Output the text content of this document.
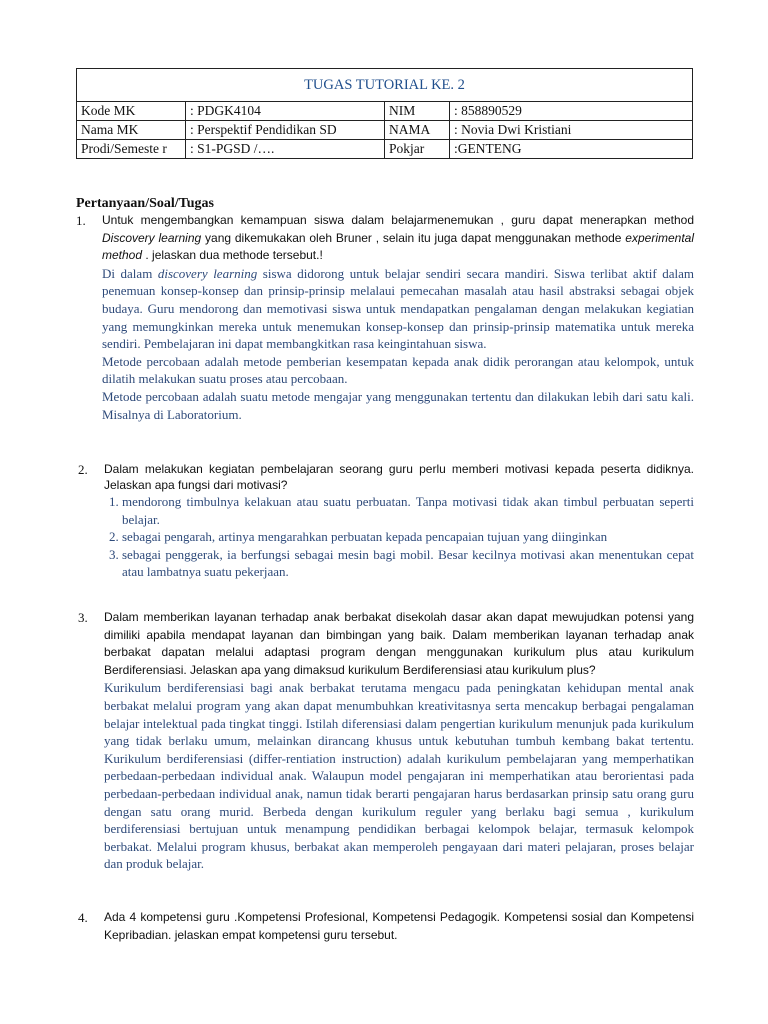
TUGAS TUTORIAL KE. 2			
Kode MK	: PDGK4104	NIM	: 858890529
Nama MK	: Perspektif Pendidikan SD	NAMA	: Novia Dwi Kristiani
Prodi/Semeste r	: S1-PGSD /….	Pokjar	:GENTENG
Pertanyaan/Soal/Tugas
1. Untuk mengembangkan kemampuan siswa dalam belajarmenemukan , guru dapat menerapkan method Discovery learning yang dikemukakan oleh Bruner , selain itu juga dapat menggunakan methode experimental method . jelaskan dua methode tersebut.!
Di dalam discovery learning siswa didorong untuk belajar sendiri secara mandiri. Siswa terlibat aktif dalam penemuan konsep-konsep dan prinsip-prinsip melalaui pemecahan masalah atau hasil abstraksi sebagai objek budaya. Guru mendorong dan memotivasi siswa untuk mendapatkan pengalaman dengan melakukan kegiatian yang memungkinkan mereka untuk menemukan konsep-konsep dan prinsip-prinsip matematika untuk mereka sendiri. Pembelajaran ini dapat membangkitkan rasa keingintahuan siswa.
Metode percobaan adalah metode pemberian kesempatan kepada anak didik perorangan atau kelompok, untuk dilatih melakukan suatu proses atau percobaan.
Metode percobaan adalah suatu metode mengajar yang menggunakan tertentu dan dilakukan lebih dari satu kali. Misalnya di Laboratorium.
2. Dalam melakukan kegiatan pembelajaran seorang guru perlu memberi motivasi kepada peserta didiknya. Jelaskan apa fungsi dari motivasi?
1. mendorong timbulnya kelakuan atau suatu perbuatan. Tanpa motivasi tidak akan timbul perbuatan seperti belajar.
2. sebagai pengarah, artinya mengarahkan perbuatan kepada pencapaian tujuan yang diinginkan
3. sebagai penggerak, ia berfungsi sebagai mesin bagi mobil. Besar kecilnya motivasi akan menentukan cepat atau lambatnya suatu pekerjaan.
3. Dalam memberikan layanan terhadap anak berbakat disekolah dasar akan dapat mewujudkan potensi yang dimiliki apabila mendapat layanan dan bimbingan yang baik. Dalam memberikan layanan terhadap anak berbakat dapatan melalui adaptasi program dengan menggunakan kurikulum plus atau kurikulum Berdiferensiasi. Jelaskan apa yang dimaksud kurikulum Berdiferensiasi atau kurikulum plus?
Kurikulum berdiferensiasi bagi anak berbakat terutama mengacu pada peningkatan kehidupan mental anak berbakat melalui program yang akan dapat menumbuhkan kreativitasnya serta mencakup berbagai pengalaman belajar intelektual pada tingkat tinggi. Istilah diferensiasi dalam pengertian kurikulum menunjuk pada kurikulum yang tidak berlaku umum, melainkan dirancang khusus untuk kebutuhan tumbuh kembang bakat tertentu. Kurikulum berdiferensiasi (differ-rentiation instruction) adalah kurikulum pembelajaran yang memperhatikan perbedaan-perbedaan individual anak. Walaupun model pengajaran ini memperhatikan atau berorientasi pada perbedaan-perbedaan individual anak, namun tidak berarti pengajaran harus berdasarkan prinsip satu orang guru dengan satu orang murid. Berbeda dengan kurikulum reguler yang berlaku bagi semua , kurikulum berdiferensiasi bertujuan untuk menampung pendidikan berbagai kelompok belajar, termasuk kelompok berbakat. Melalui program khusus, berbakat akan memperoleh pengayaan dari materi pelajaran, proses belajar dan produk belajar.
4. Ada 4 kompetensi guru .Kompetensi Profesional, Kompetensi Pedagogik. Kompetensi sosial dan Kompetensi Kepribadian. jelaskan empat kompetensi guru tersebut.
